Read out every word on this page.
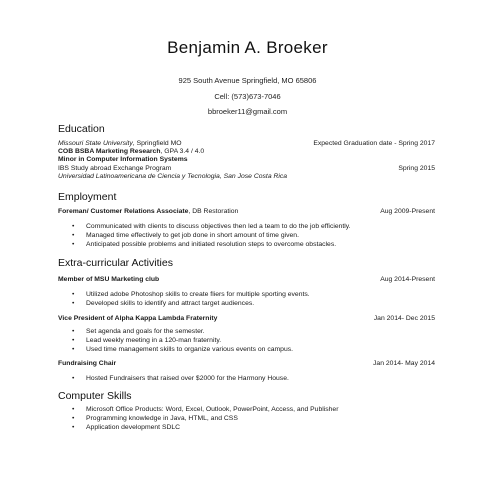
Benjamin A. Broeker
925 South Avenue Springfield, MO 65806
Cell: (573)673-7046
bbroeker11@gmail.com
Education
Missouri State University, Springfield MO	Expected Graduation date - Spring 2017
COB BSBA Marketing Research, GPA 3.4 / 4.0
Minor in Computer Information Systems
IBS Study abroad Exchange Program	Spring 2015
Universidad Latinoamericana de Ciencia y Tecnologia, San Jose Costa Rica
Employment
Foreman/ Customer Relations Associate, DB Restoration	Aug 2009-Present
• Communicated with clients to discuss objectives then led a team to do the job efficiently.
• Managed time effectively to get job done in short amount of time given.
• Anticipated possible problems and initiated resolution steps to overcome obstacles.
Extra-curricular Activities
Member of MSU Marketing club	Aug 2014-Present
• Utilized adobe Photoshop skills to create fliers for multiple sporting events.
• Developed skills to identify and attract target audiences.
Vice President of Alpha Kappa Lambda Fraternity	Jan 2014- Dec 2015
• Set agenda and goals for the semester.
• Lead weekly meeting in a 120-man fraternity.
• Used time management skills to organize various events on campus.
Fundraising Chair	Jan 2014- May 2014
• Hosted Fundraisers that raised over $2000 for the Harmony House.
Computer Skills
• Microsoft Office Products: Word, Excel, Outlook, PowerPoint, Access, and Publisher
• Programming knowledge in Java, HTML, and CSS
• Application development SDLC
